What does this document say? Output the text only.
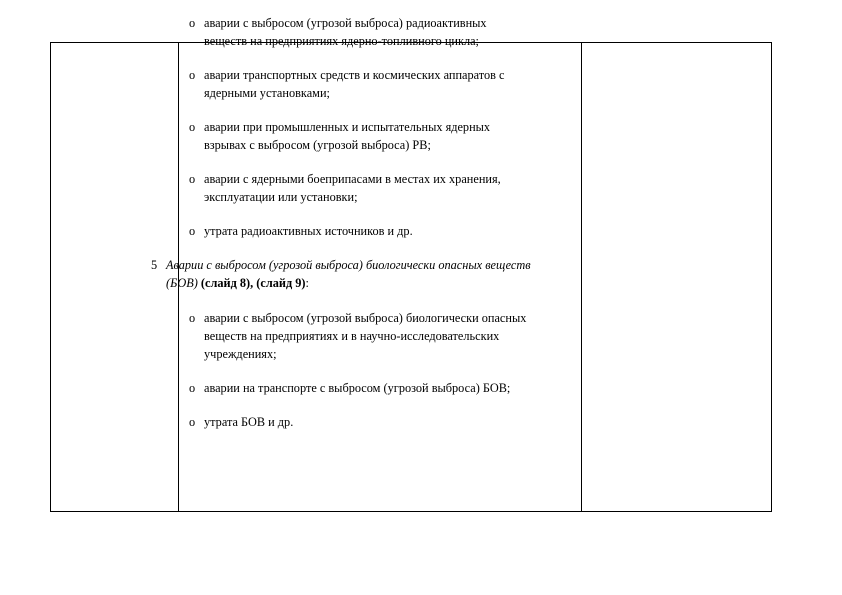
o аварии с выбросом (угрозой выброса) радиоактивных веществ на предприятиях ядерно-топливного цикла;
o аварии транспортных средств и космических аппаратов с ядерными установками;
o аварии при промышленных и испытательных ядерных взрывах с выбросом (угрозой выброса) РВ;
o аварии с ядерными боеприпасами в местах их хранения, эксплуатации или установки;
o утрата радиоактивных источников и др.
5 Аварии с выбросом (угрозой выброса) биологически опасных веществ (БОВ) (слайд 8), (слайд 9):
o аварии с выбросом (угрозой выброса) биологически опасных веществ на предприятиях и в научно-исследовательских учреждениях;
o аварии на транспорте с выбросом (угрозой выброса) БОВ;
o утрата БОВ и др.
